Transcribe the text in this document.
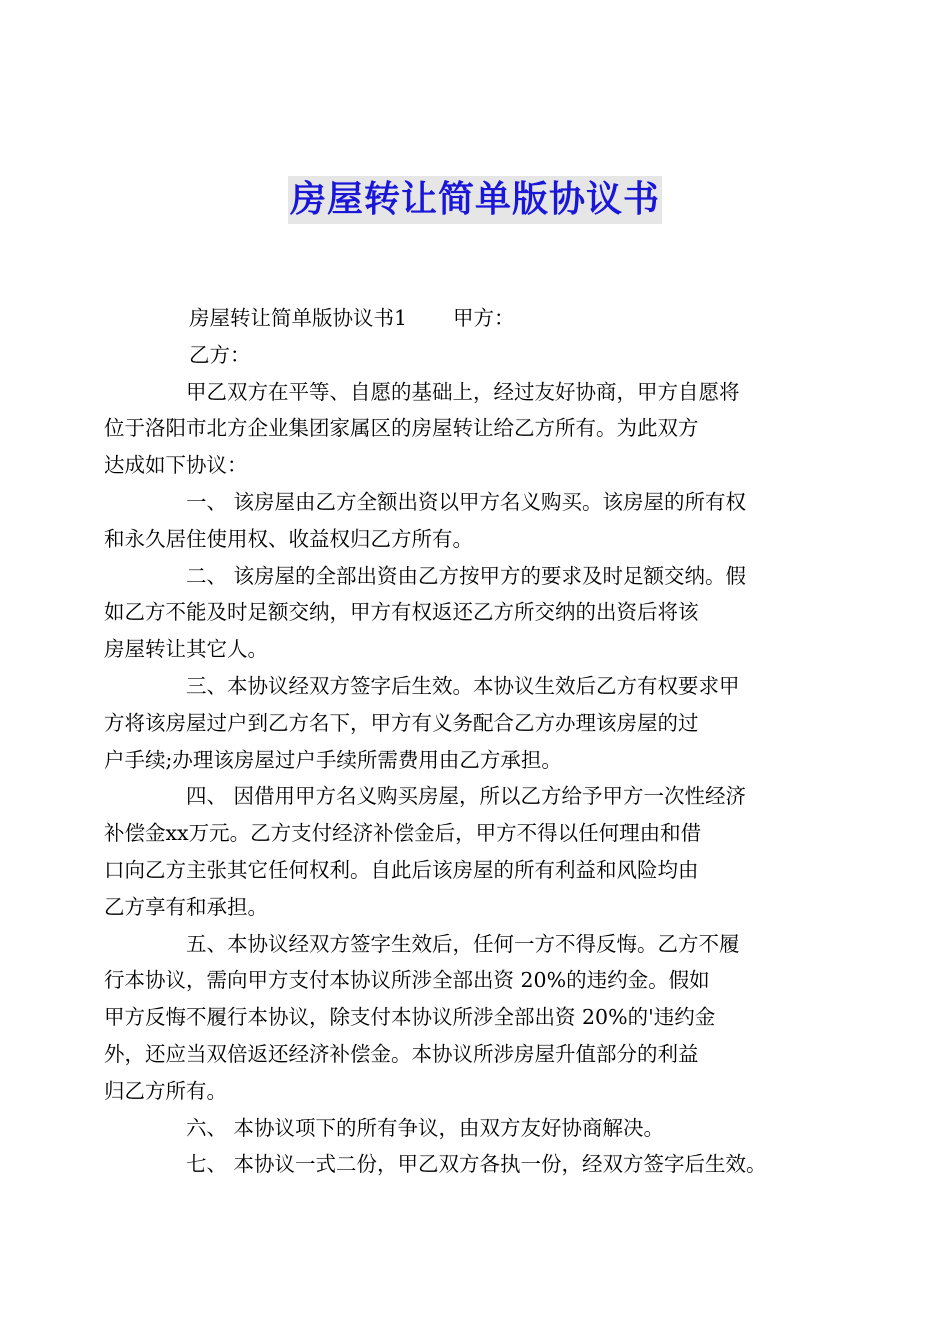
房屋转让简单版协议书

房屋转让简单版协议书1 甲方：

乙方：

甲乙双方在平等、自愿的基础上，经过友好协商，甲方自愿将
位于洛阳市北方企业集团家属区的房屋转让给乙方所有。为此双方
达成如下协议：

一、 该房屋由乙方全额出资以甲方名义购买。该房屋的所有权
和永久居住使用权、收益权归乙方所有。

二、 该房屋的全部出资由乙方按甲方的要求及时足额交纳。假
如乙方不能及时足额交纳，甲方有权返还乙方所交纳的出资后将该
房屋转让其它人。

三、本协议经双方签字后生效。本协议生效后乙方有权要求甲
方将该房屋过户到乙方名下，甲方有义务配合乙方办理该房屋的过
户手续;办理该房屋过户手续所需费用由乙方承担。

四、 因借用甲方名义购买房屋，所以乙方给予甲方一次性经济
补偿金xx万元。乙方支付经济补偿金后，甲方不得以任何理由和借
口向乙方主张其它任何权利。自此后该房屋的所有利益和风险均由
乙方享有和承担。

五、本协议经双方签字生效后，任何一方不得反悔。乙方不履
行本协议，需向甲方支付本协议所涉全部出资 20%的违约金。假如
甲方反悔不履行本协议，除支付本协议所涉全部出资 20%的'违约金
外，还应当双倍返还经济补偿金。本协议所涉房屋升值部分的利益
归乙方所有。

六、 本协议项下的所有争议，由双方友好协商解决。

七、 本协议一式二份，甲乙双方各执一份，经双方签字后生效。
